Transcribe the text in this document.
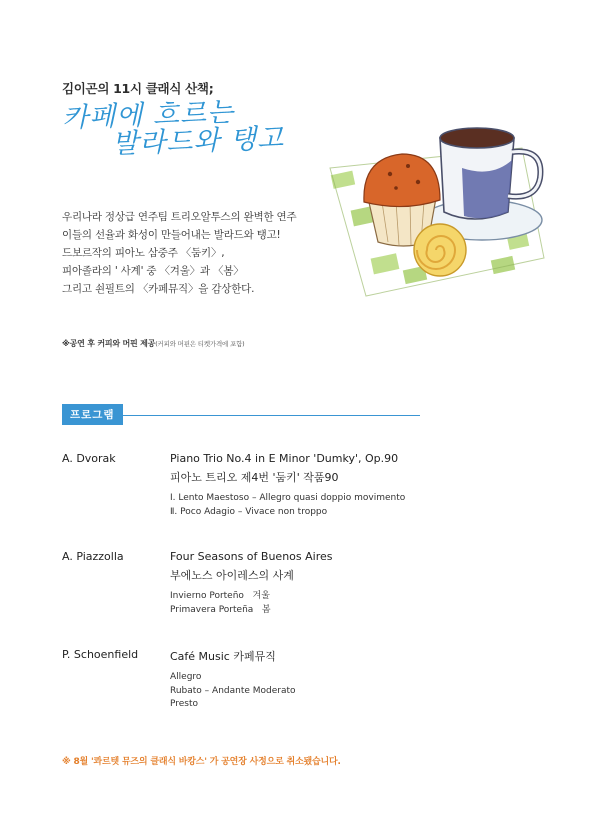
김이곤의 11시 클래식 산책;
카페에 흐르는
발라드와 탱고
우리나라 정상급 연주팀 트리오알투스의 완벽한 연주
이들의 선율과 화성이 만들어내는 발라드와 탱고!
드보르작의 피아노 삼중주 〈둠키〉,
피아졸라의 ' 사계' 중 〈겨울〉과 〈봄〉
그리고 쇤필트의 〈카페뮤직〉을 감상한다.
※공연 후 커피와 머핀 제공(커피와 머핀은 티켓가격에 포함)
프로그램
A. Dvorak	Piano Trio No.4 in E Minor 'Dumky', Op.90
피아노 트리오 제4번 '둠키' 작품90
Ⅰ. Lento Maestoso – Allegro quasi doppio movimento
Ⅱ. Poco Adagio – Vivace non troppo
A. Piazzolla	Four Seasons of Buenos Aires
부에노스 아이레스의 사계
Invierno Porteño   겨울
Primavera Porteña   봄
P. Schoenfield	Café Music 카페뮤직
Allegro
Rubato – Andante Moderato
Presto
※ 8월 '콰르텟 뮤즈의 클래식 바캉스' 가 공연장 사정으로 취소됐습니다.
